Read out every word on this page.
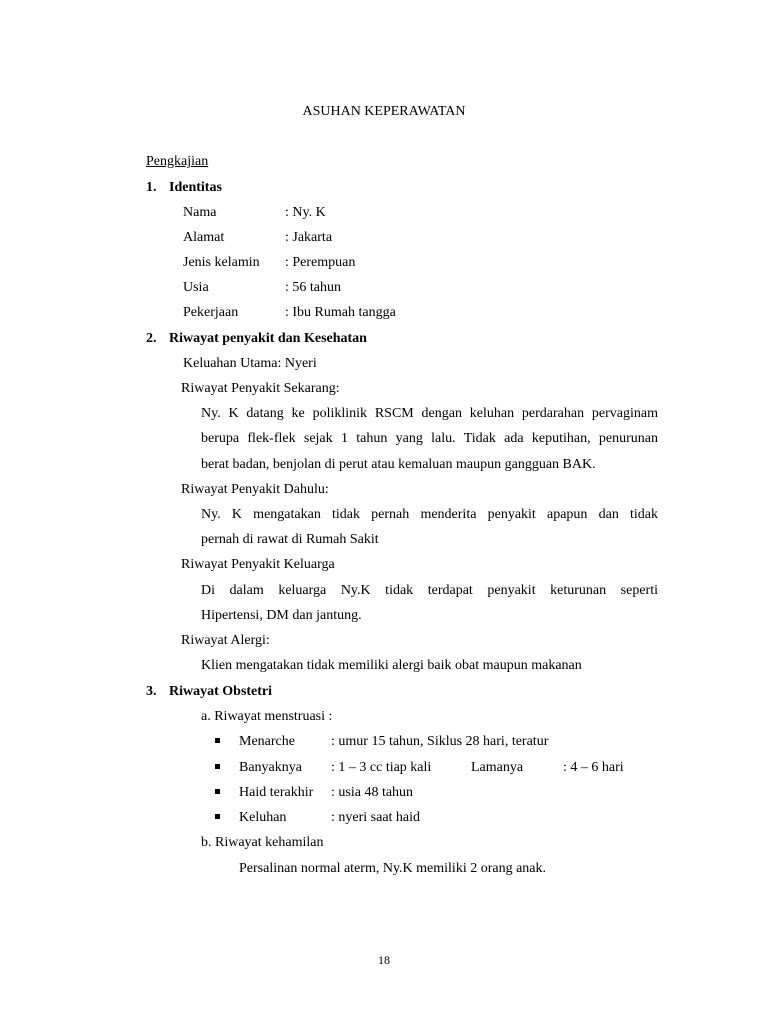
ASUHAN KEPERAWATAN
Pengkajian
1. Identitas
Nama	: Ny. K
Alamat	: Jakarta
Jenis kelamin : Perempuan
Usia	: 56 tahun
Pekerjaan	: Ibu Rumah tangga
2. Riwayat penyakit dan Kesehatan
Keluahan Utama: Nyeri
Riwayat Penyakit Sekarang:
Ny. K datang ke poliklinik RSCM dengan keluhan perdarahan pervaginam
berupa flek-flek sejak 1 tahun yang lalu. Tidak ada keputihan, penurunan
berat badan, benjolan di perut atau kemaluan maupun gangguan BAK.
Riwayat Penyakit Dahulu:
Ny. K mengatakan tidak pernah menderita penyakit apapun dan tidak
pernah di rawat di Rumah Sakit
Riwayat Penyakit Keluarga
Di dalam keluarga Ny.K tidak terdapat penyakit keturunan seperti
Hipertensi, DM dan jantung.
Riwayat Alergi:
Klien mengatakan tidak memiliki alergi baik obat maupun makanan
3. Riwayat Obstetri
a. Riwayat menstruasi :
Menarche	: umur 15 tahun, Siklus 28 hari, teratur
Banyaknya : 1 – 3 cc tiap kali	Lamanya	: 4 – 6 hari
Haid terakhir : usia 48 tahun
Keluhan	: nyeri saat haid
b. Riwayat kehamilan
Persalinan normal aterm, Ny.K memiliki 2 orang anak.
18
